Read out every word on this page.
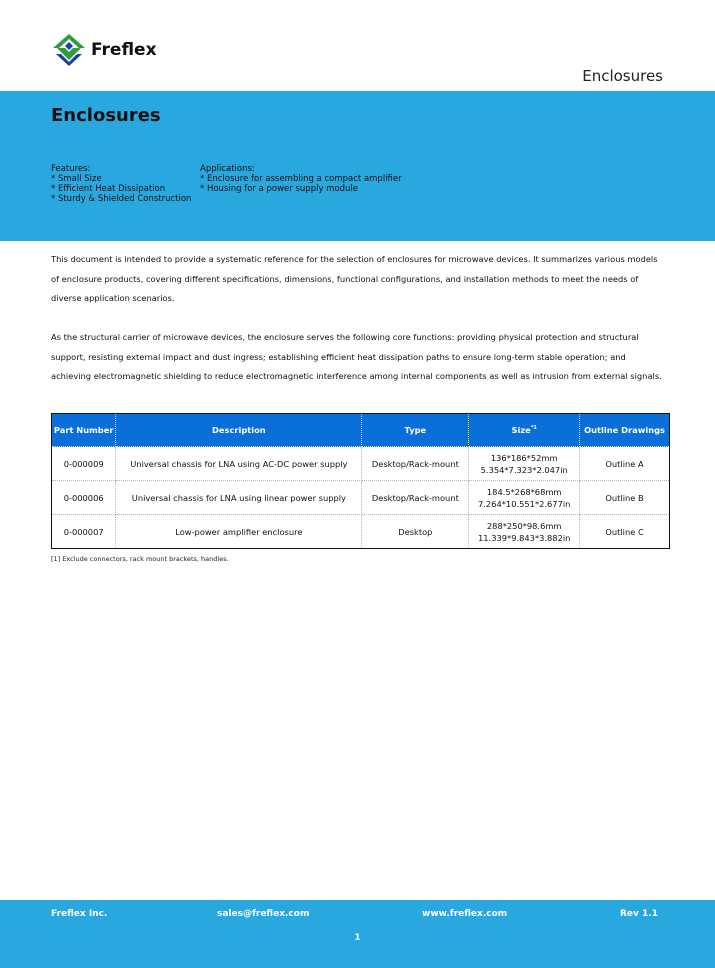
Freflex
Enclosures
Enclosures
Features:
* Small Size
* Efficient Heat Dissipation
* Sturdy & Shielded Construction
Applications:
* Enclosure for assembling a compact amplifier
* Housing for a power supply module

This document is intended to provide a systematic reference for the selection of enclosures for microwave devices. It summarizes various models of enclosure products, covering different specifications, dimensions, functional configurations, and installation methods to meet the needs of diverse application scenarios.

As the structural carrier of microwave devices, the enclosure serves the following core functions: providing physical protection and structural support, resisting external impact and dust ingress; establishing efficient heat dissipation paths to ensure long-term stable operation; and achieving electromagnetic shielding to reduce electromagnetic interference among internal components as well as intrusion from external signals.

Part Number	Description	Type	Size$^{*1}$	Outline Drawings
0-000009	Universal chassis for LNA using AC-DC power supply	Desktop/Rack-mount	136*186*52mm
5.354*7.323*2.047in	Outline A
0-000006	Universal chassis for LNA using linear power supply	Desktop/Rack-mount	184.5*268*68mm
7.264*10.551*2.677in	Outline B
0-000007	Low-power amplifier enclosure	Desktop	288*250*98.6mm
11.339*9.843*3.882in	Outline C
[1] Exclude connectors, rack mount brackets, handles.
Freflex Inc.	sales@freflex.com	www.freflex.com	Rev 1.1
1
